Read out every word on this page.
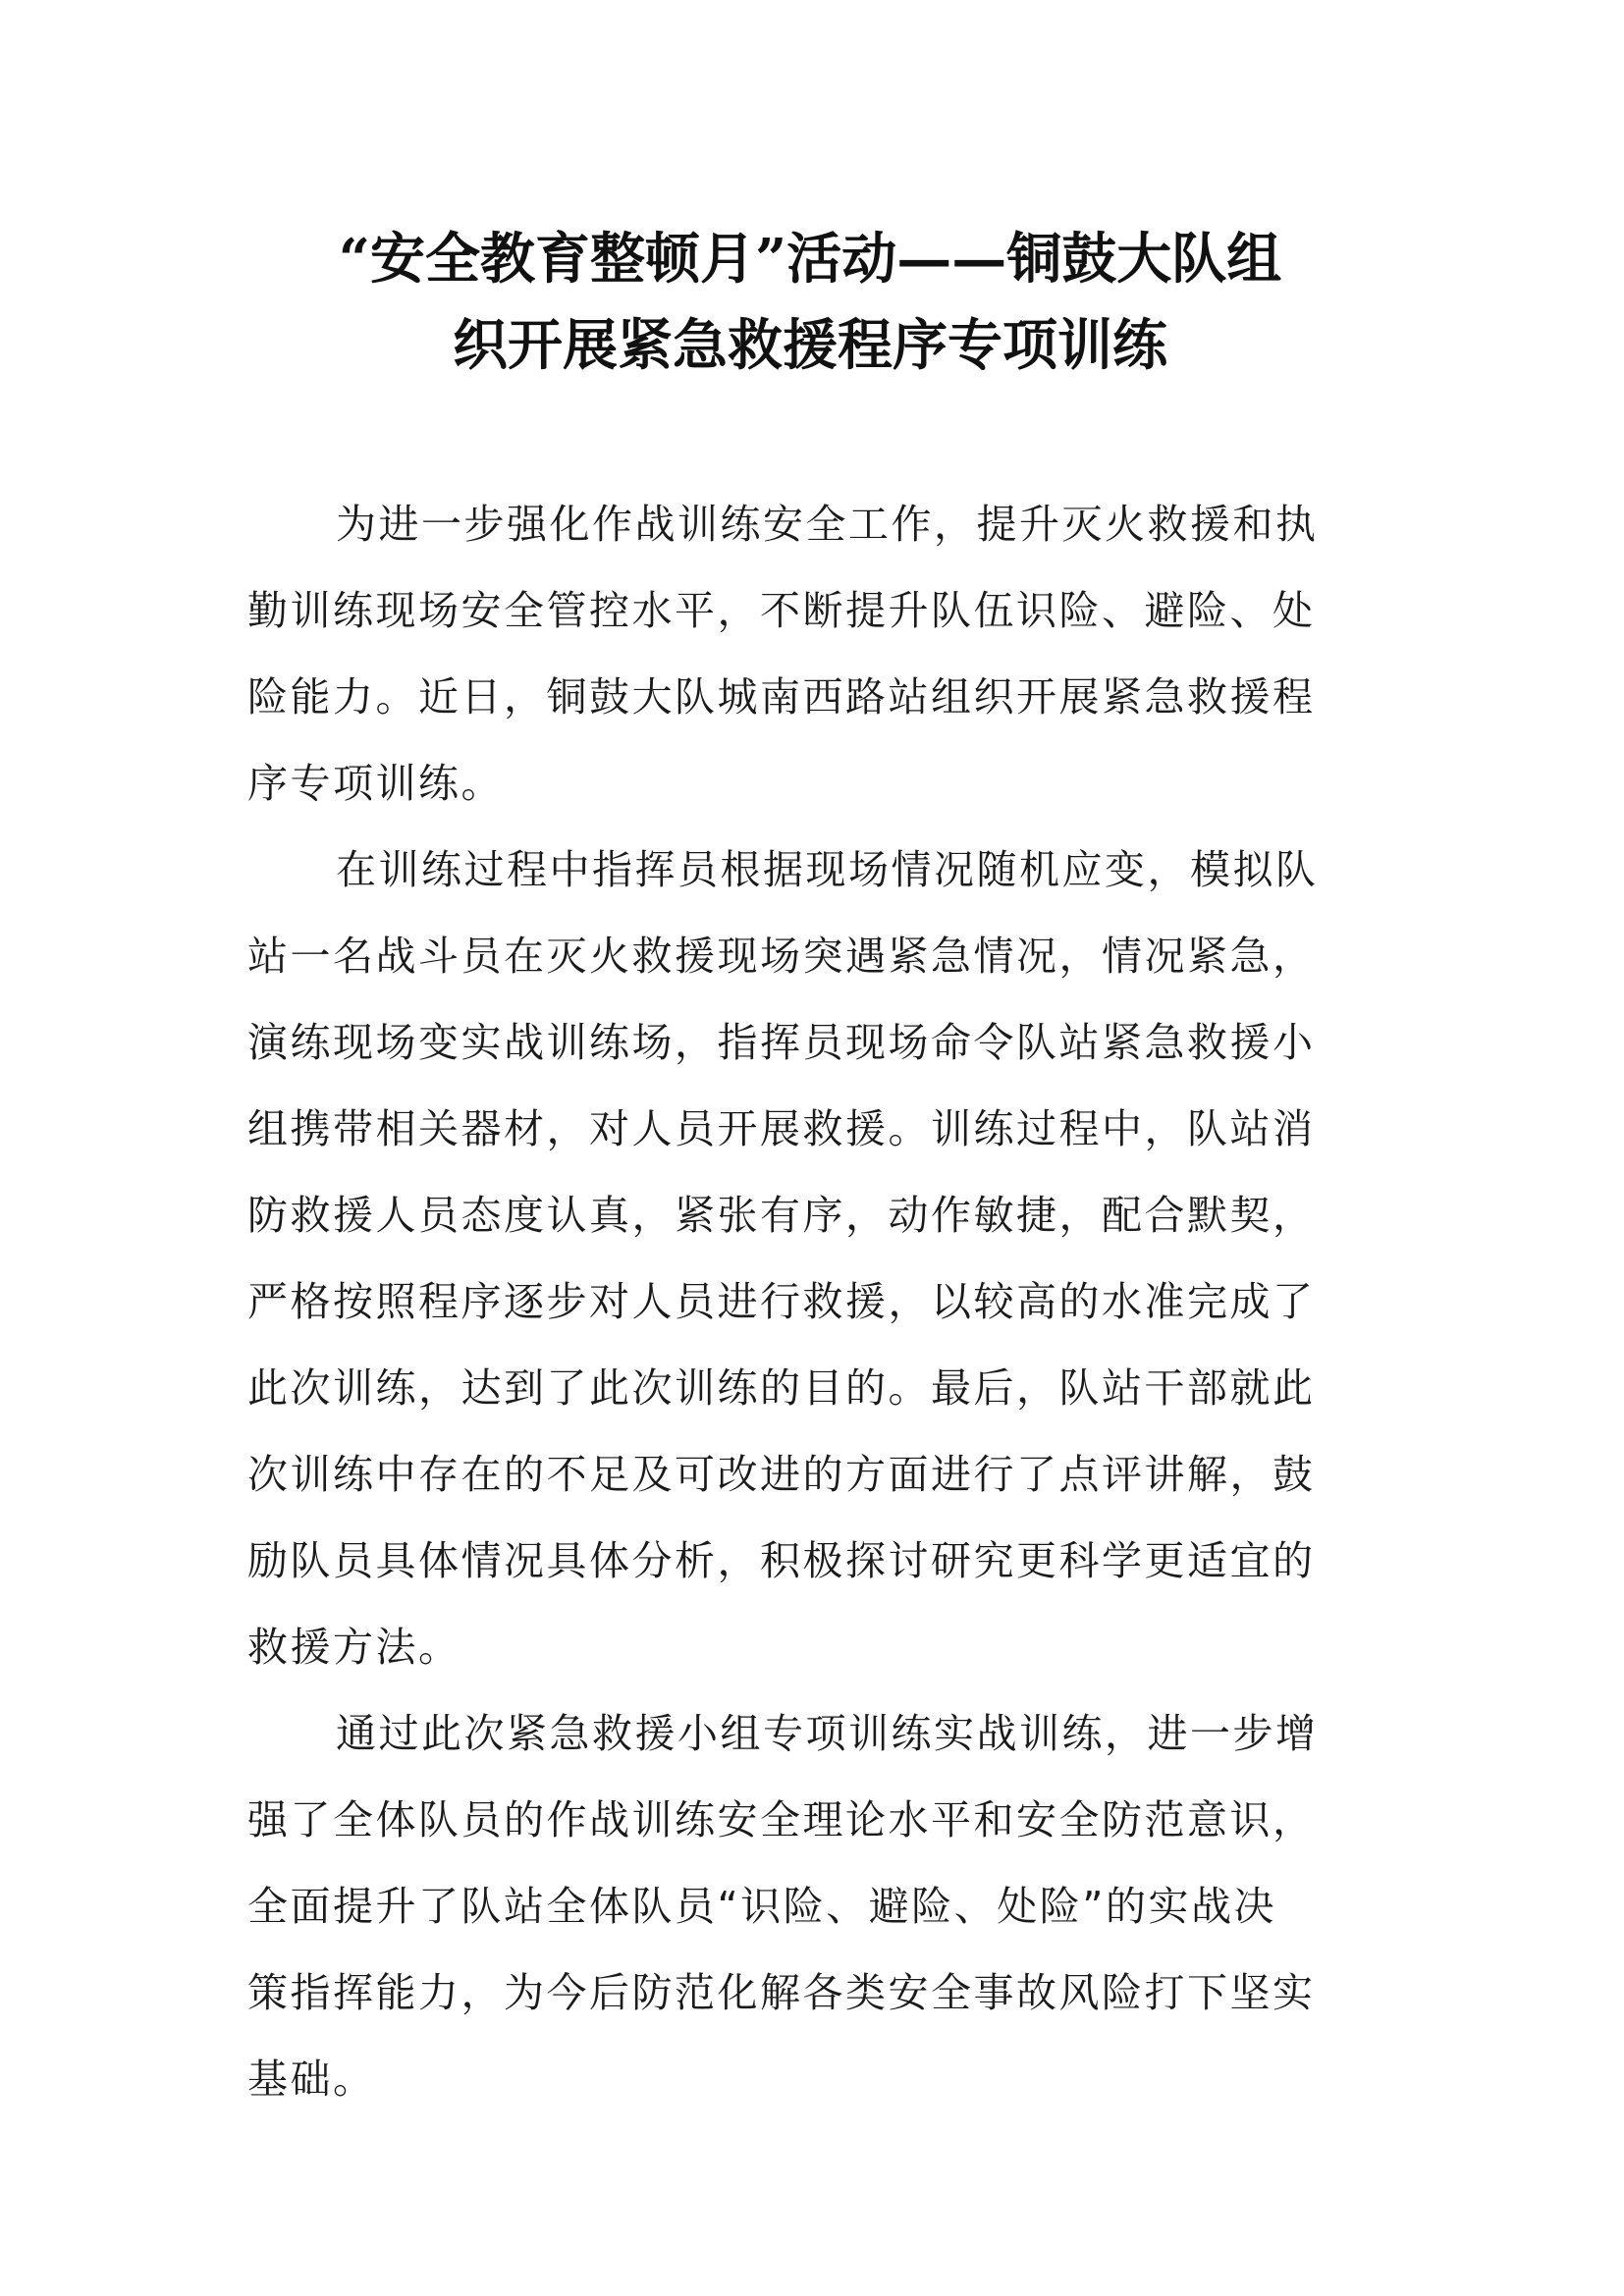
“安全教育整顿月”活动——铜鼓大队组
织开展紧急救援程序专项训练

为进一步强化作战训练安全工作，提升灭火救援和执
勤训练现场安全管控水平，不断提升队伍识险、避险、处
险能力。近日，铜鼓大队城南西路站组织开展紧急救援程
序专项训练。

在训练过程中指挥员根据现场情况随机应变，模拟队
站一名战斗员在灭火救援现场突遇紧急情况，情况紧急，
演练现场变实战训练场，指挥员现场命令队站紧急救援小
组携带相关器材，对人员开展救援。训练过程中，队站消
防救援人员态度认真，紧张有序，动作敏捷，配合默契，
严格按照程序逐步对人员进行救援，以较高的水准完成了
此次训练，达到了此次训练的目的。最后，队站干部就此
次训练中存在的不足及可改进的方面进行了点评讲解，鼓
励队员具体情况具体分析，积极探讨研究更科学更适宜的
救援方法。

通过此次紧急救援小组专项训练实战训练，进一步增
强了全体队员的作战训练安全理论水平和安全防范意识，
全面提升了队站全体队员“识险、避险、处险”的实战决
策指挥能力，为今后防范化解各类安全事故风险打下坚实
基础。
